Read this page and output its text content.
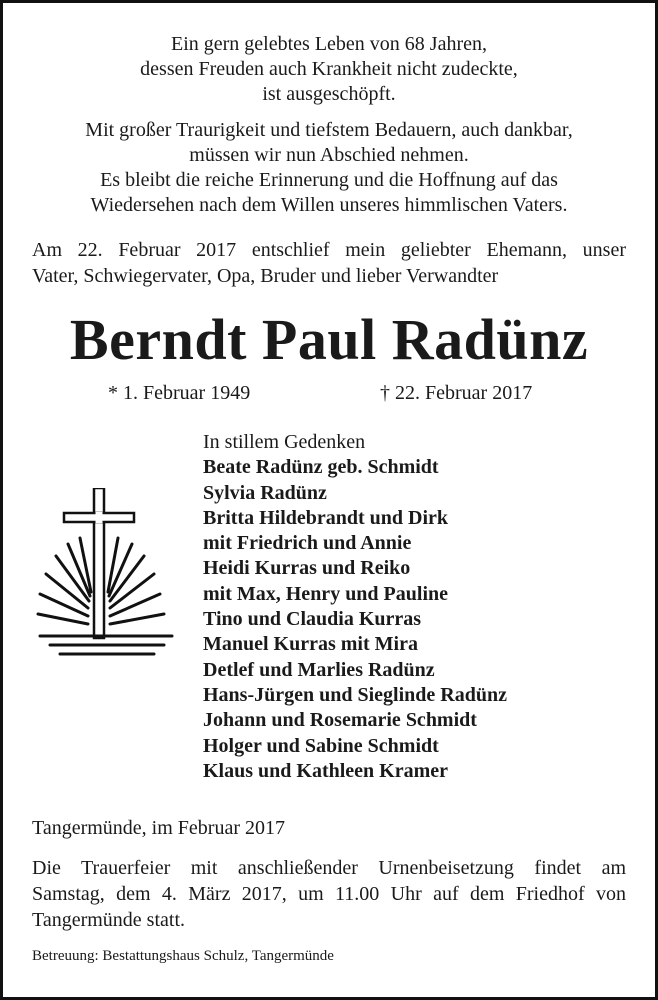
Ein gern gelebtes Leben von 68 Jahren,
dessen Freuden auch Krankheit nicht zudeckte,
ist ausgeschöpft.
Mit großer Traurigkeit und tiefstem Bedauern, auch dankbar,
müssen wir nun Abschied nehmen.
Es bleibt die reiche Erinnerung und die Hoffnung auf das
Wiedersehen nach dem Willen unseres himmlischen Vaters.
Am 22. Februar 2017 entschlief mein geliebter Ehemann, unser
Vater, Schwiegervater, Opa, Bruder und lieber Verwandter
Berndt Paul Radünz
* 1. Februar 1949	† 22. Februar 2017
In stillem Gedenken
Beate Radünz geb. Schmidt
Sylvia Radünz
Britta Hildebrandt und Dirk
mit Friedrich und Annie
Heidi Kurras und Reiko
mit Max, Henry und Pauline
Tino und Claudia Kurras
Manuel Kurras mit Mira
Detlef und Marlies Radünz
Hans-Jürgen und Sieglinde Radünz
Johann und Rosemarie Schmidt
Holger und Sabine Schmidt
Klaus und Kathleen Kramer
Tangermünde, im Februar 2017
Die Trauerfeier mit anschließender Urnenbeisetzung findet am
Samstag, dem 4. März 2017, um 11.00 Uhr auf dem Friedhof von
Tangermünde statt.
Betreuung: Bestattungshaus Schulz, Tangermünde
